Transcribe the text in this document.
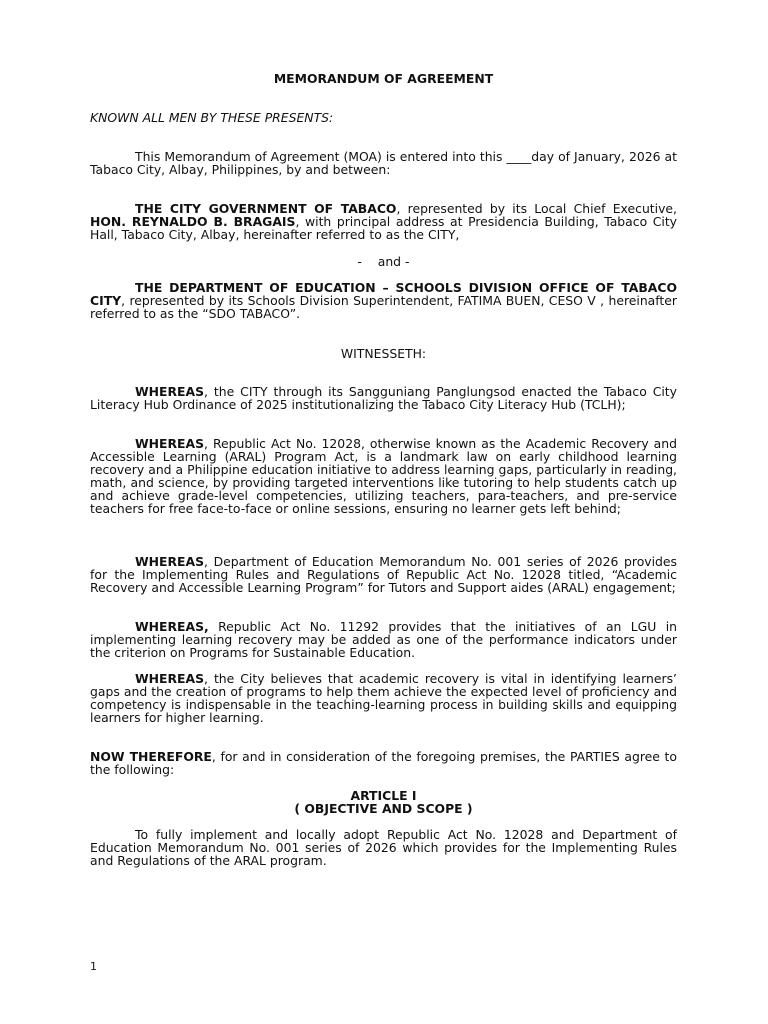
MEMORANDUM OF AGREEMENT

KNOWN ALL MEN BY THESE PRESENTS:

This Memorandum of Agreement (MOA) is entered into this ____day of January, 2026 at Tabaco City, Albay, Philippines, by and between:

THE CITY GOVERNMENT OF TABACO, represented by its Local Chief Executive, HON. REYNALDO B. BRAGAIS, with principal address at Presidencia Building, Tabaco City Hall, Tabaco City, Albay, hereinafter referred to as the CITY,

-    and -

THE DEPARTMENT OF EDUCATION – SCHOOLS DIVISION OFFICE OF TABACO CITY, represented by its Schools Division Superintendent, FATIMA BUEN, CESO V , hereinafter referred to as the “SDO TABACO”.

WITNESSETH:

WHEREAS, the CITY through its Sangguniang Panglungsod enacted the Tabaco City Literacy Hub Ordinance of 2025 institutionalizing the Tabaco City Literacy Hub (TCLH);

WHEREAS, Republic Act No. 12028, otherwise known as the Academic Recovery and Accessible Learning (ARAL) Program Act, is a landmark law on early childhood learning recovery and a Philippine education initiative to address learning gaps, particularly in reading, math, and science, by providing targeted interventions like tutoring to help students catch up and achieve grade-level competencies, utilizing teachers, para-teachers, and pre-service teachers for free face-to-face or online sessions, ensuring no learner gets left behind;

WHEREAS, Department of Education Memorandum No. 001 series of 2026 provides for the Implementing Rules and Regulations of Republic Act No. 12028 titled, “Academic Recovery and Accessible Learning Program” for Tutors and Support aides (ARAL) engagement;

WHEREAS, Republic Act No. 11292 provides that the initiatives of an LGU in implementing learning recovery may be added as one of the performance indicators under the criterion on Programs for Sustainable Education.

WHEREAS, the City believes that academic recovery is vital in identifying learners’ gaps and the creation of programs to help them achieve the expected level of proficiency and competency is indispensable in the teaching-learning process in building skills and equipping learners for higher learning.

NOW THEREFORE, for and in consideration of the foregoing premises, the PARTIES agree to the following:

ARTICLE I

( OBJECTIVE AND SCOPE )

To fully implement and locally adopt Republic Act No. 12028 and Department of Education Memorandum No. 001 series of 2026 which provides for the Implementing Rules and Regulations of the ARAL program.

1
